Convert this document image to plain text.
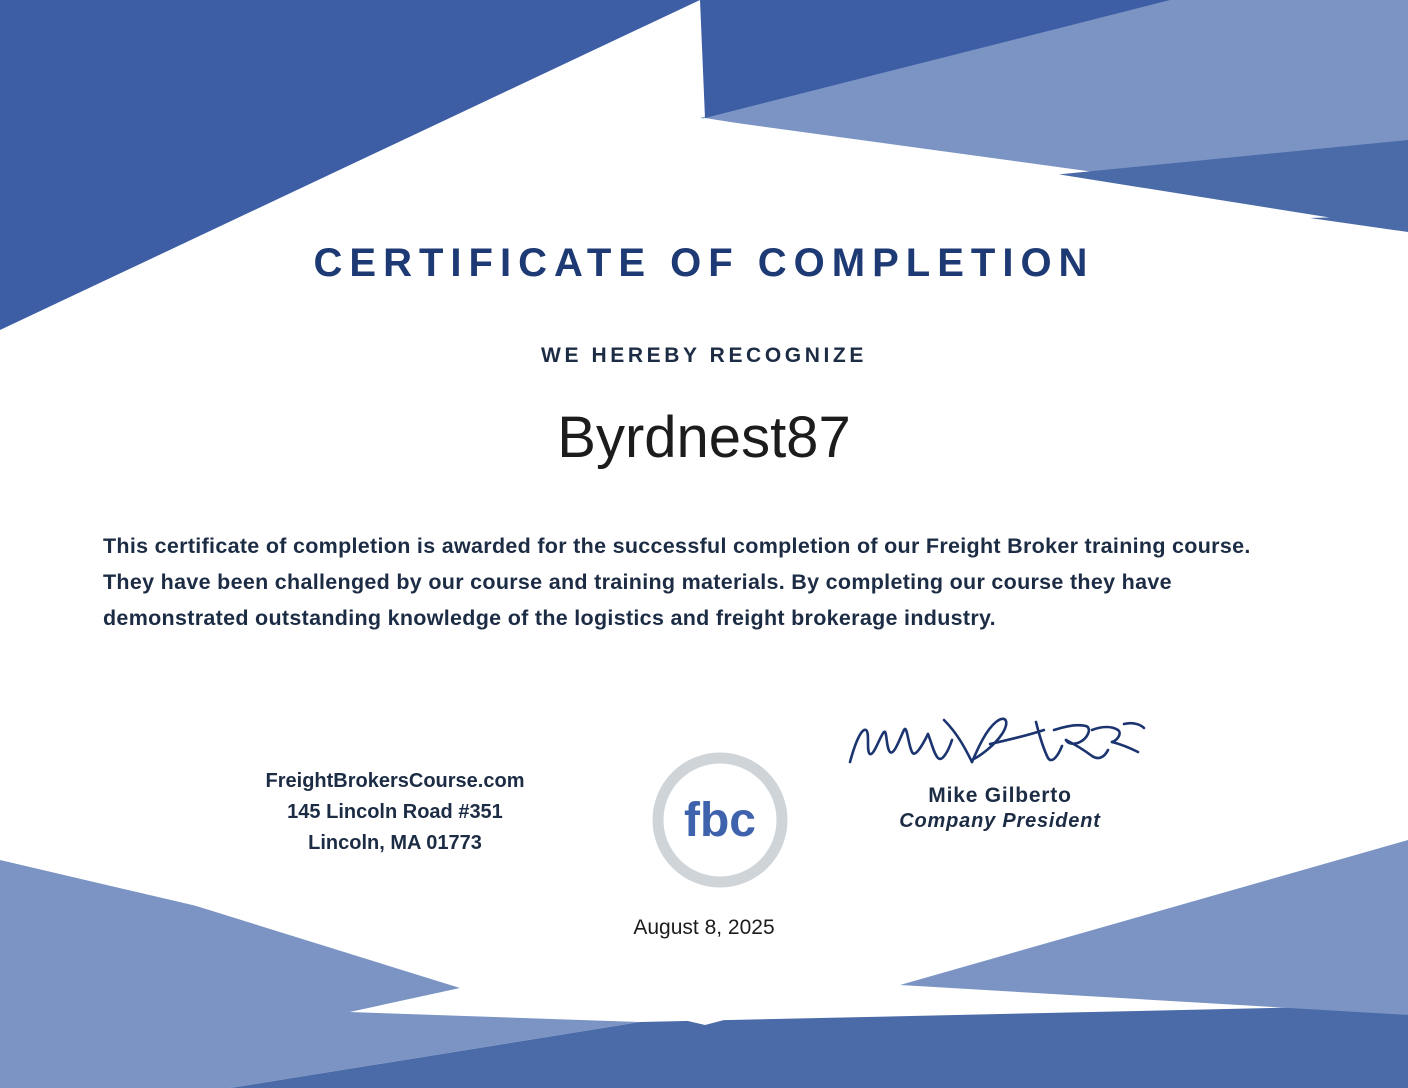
CERTIFICATE OF COMPLETION
WE HEREBY RECOGNIZE
Byrdnest87
This certificate of completion is awarded for the successful completion of our Freight Broker training course. They have been challenged by our course and training materials. By completing our course they have demonstrated outstanding knowledge of the logistics and freight brokerage industry.
FreightBrokersCourse.com
145 Lincoln Road #351
Lincoln, MA 01773	fbc	Mike Gilberto
Company President
August 8, 2025
